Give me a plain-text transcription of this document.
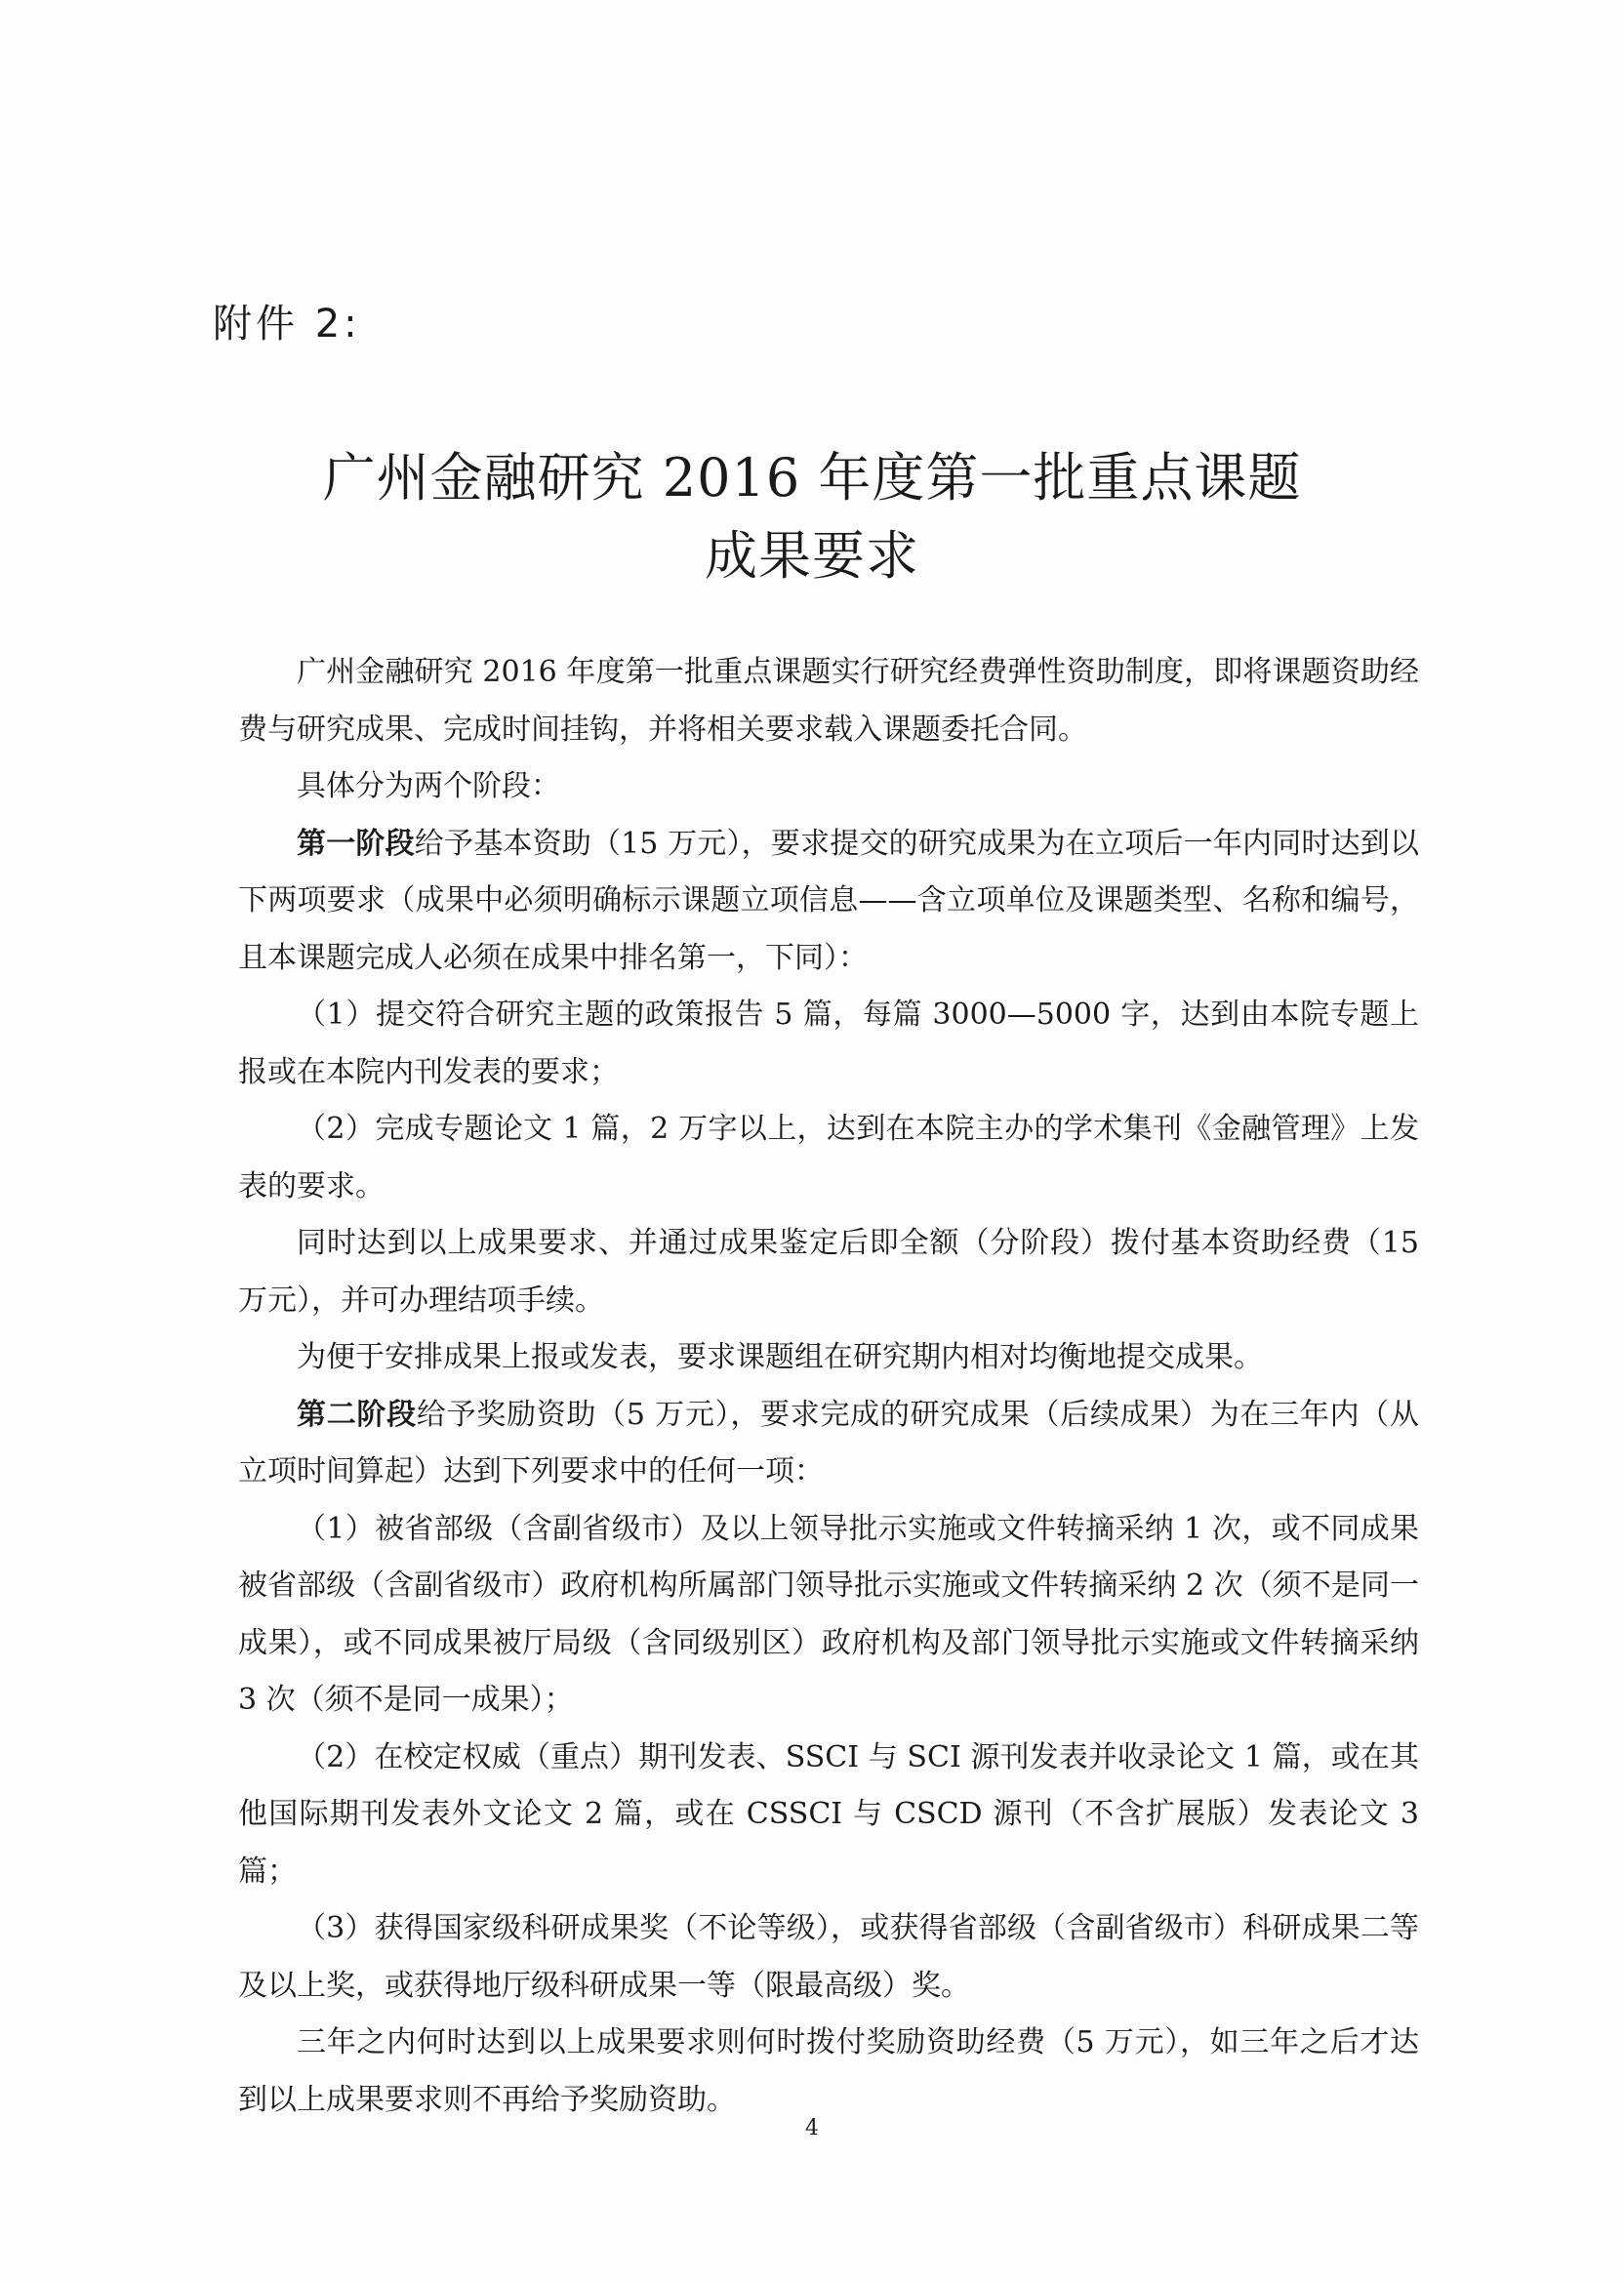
附件 2:
广州金融研究 2016 年度第一批重点课题
成果要求

广州金融研究 2016 年度第一批重点课题实行研究经费弹性资助制度，即将课题资助经费与研究成果、完成时间挂钩，并将相关要求载入课题委托合同。

具体分为两个阶段：

第一阶段给予基本资助（15 万元），要求提交的研究成果为在立项后一年内同时达到以下两项要求（成果中必须明确标示课题立项信息——含立项单位及课题类型、名称和编号，且本课题完成人必须在成果中排名第一，下同）：

（1）提交符合研究主题的政策报告 5 篇，每篇 3000—5000 字，达到由本院专题上报或在本院内刊发表的要求；

（2）完成专题论文 1 篇，2 万字以上，达到在本院主办的学术集刊《金融管理》上发表的要求。

同时达到以上成果要求、并通过成果鉴定后即全额（分阶段）拨付基本资助经费（15 万元），并可办理结项手续。

为便于安排成果上报或发表，要求课题组在研究期内相对均衡地提交成果。

第二阶段给予奖励资助（5 万元），要求完成的研究成果（后续成果）为在三年内（从立项时间算起）达到下列要求中的任何一项：

（1）被省部级（含副省级市）及以上领导批示实施或文件转摘采纳 1 次，或不同成果被省部级（含副省级市）政府机构所属部门领导批示实施或文件转摘采纳 2 次（须不是同一成果），或不同成果被厅局级（含同级别区）政府机构及部门领导批示实施或文件转摘采纳 3 次（须不是同一成果）；

（2）在校定权威（重点）期刊发表、SSCI 与 SCI 源刊发表并收录论文 1 篇，或在其他国际期刊发表外文论文 2 篇，或在 CSSCI 与 CSCD 源刊（不含扩展版）发表论文 3 篇；

（3）获得国家级科研成果奖（不论等级），或获得省部级（含副省级市）科研成果二等及以上奖，或获得地厅级科研成果一等（限最高级）奖。

三年之内何时达到以上成果要求则何时拨付奖励资助经费（5 万元），如三年之后才达到以上成果要求则不再给予奖励资助。

4
